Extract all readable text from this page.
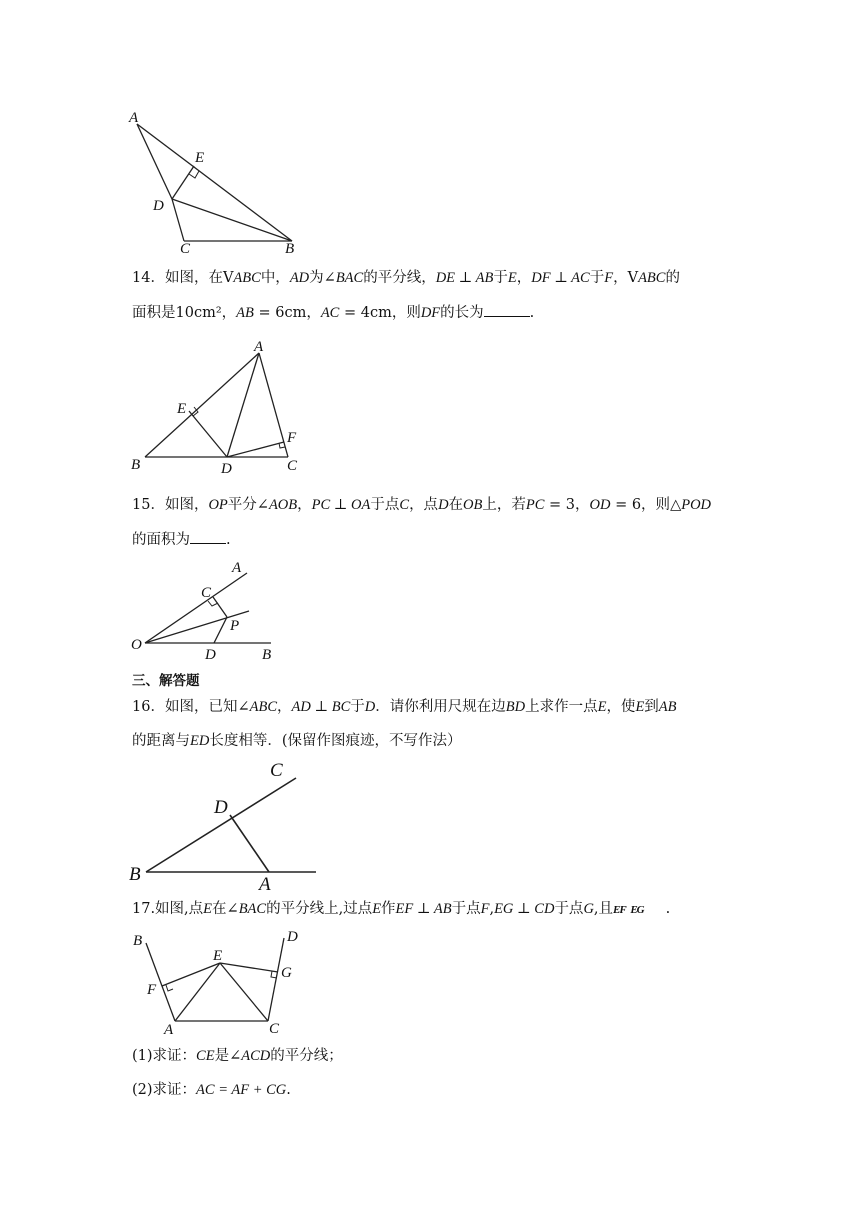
A
E
D
C	B
14．如图，在VABC中，AD为∠BAC的平分线，DE ⊥ AB于E，DF ⊥ AC于F，VABC的
面积是10cm²，AB = 6cm，AC = 4cm，则DF的长为	.
A
E
F
B	D	C
15．如图，OP平分∠AOB，PC ⊥ OA于点C，点D在OB上，若PC = 3，OD = 6，则△POD
的面积为 .
A
C
P
O
D	B
三、解答题
16．如图，已知∠ABC，AD ⊥ BC于D．请你利用尺规在边BD上求作一点E，使E到AB
的距离与ED长度相等．(保留作图痕迹，不写作法）
C
D
B	A
17.如图,点E在∠BAC的平分线上,过点E作EF ⊥ AB于点F,EG ⊥ CD于点G,且EF EG .
B	D
E
G
F
A	C
(1)求证：CE是∠ACD的平分线；
(2)求证：AC = AF + CG.
